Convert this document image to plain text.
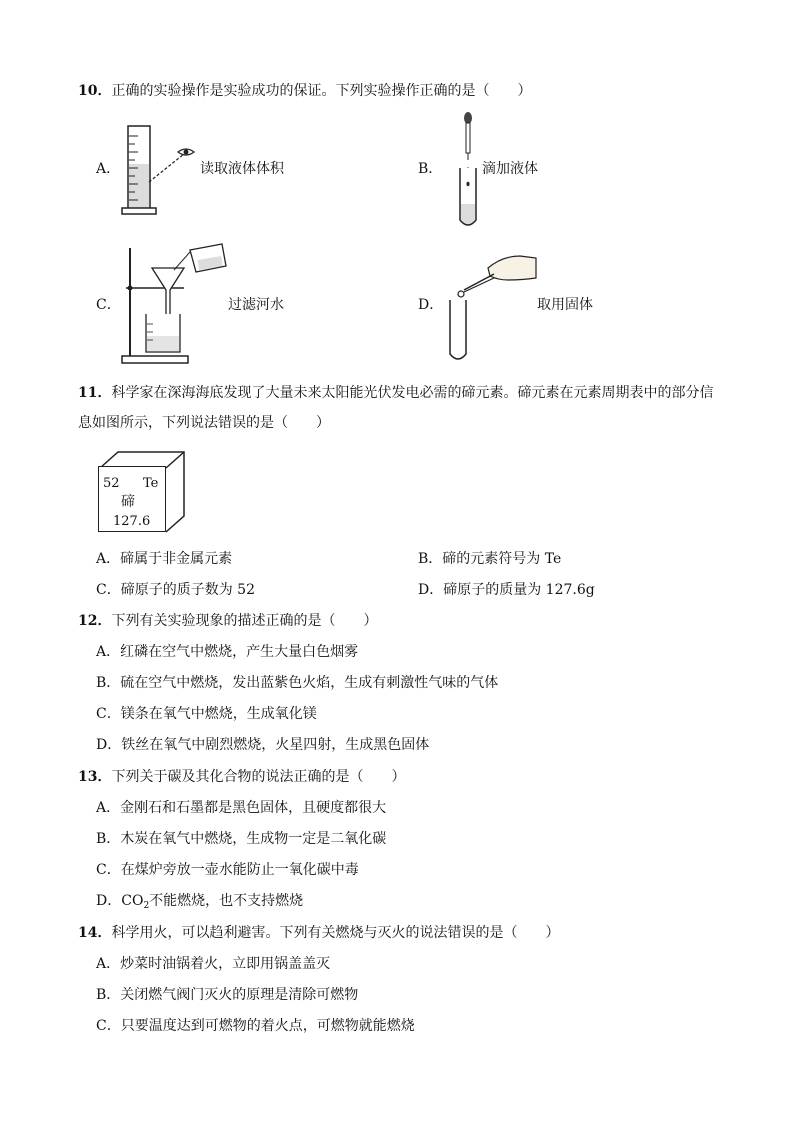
10．正确的实验操作是实验成功的保证。下列实验操作正确的是（　　）
A．	读取液体体积	B．	滴加液体
C．	过滤河水	D．	取用固体
11．科学家在深海海底发现了大量未来太阳能光伏发电必需的碲元素。碲元素在元素周期表中的部分信
息如图所示，下列说法错误的是（　　）
52 Te
碲
127.6
A．碲属于非金属元素	B．碲的元素符号为 Te
C．碲原子的质子数为 52	D．碲原子的质量为 127.6g
12．下列有关实验现象的描述正确的是（　　）
A．红磷在空气中燃烧，产生大量白色烟雾
B．硫在空气中燃烧，发出蓝紫色火焰，生成有刺激性气味的气体
C．镁条在氧气中燃烧，生成氧化镁
D．铁丝在氧气中剧烈燃烧，火星四射，生成黑色固体
13．下列关于碳及其化合物的说法正确的是（　　）
A．金刚石和石墨都是黑色固体，且硬度都很大
B．木炭在氧气中燃烧，生成物一定是二氧化碳
C．在煤炉旁放一壶水能防止一氧化碳中毒
D．$CO_2$不能燃烧，也不支持燃烧
14．科学用火，可以趋利避害。下列有关燃烧与灭火的说法错误的是（　　）
A．炒菜时油锅着火，立即用锅盖盖灭
B．关闭燃气阀门灭火的原理是清除可燃物
C．只要温度达到可燃物的着火点，可燃物就能燃烧
